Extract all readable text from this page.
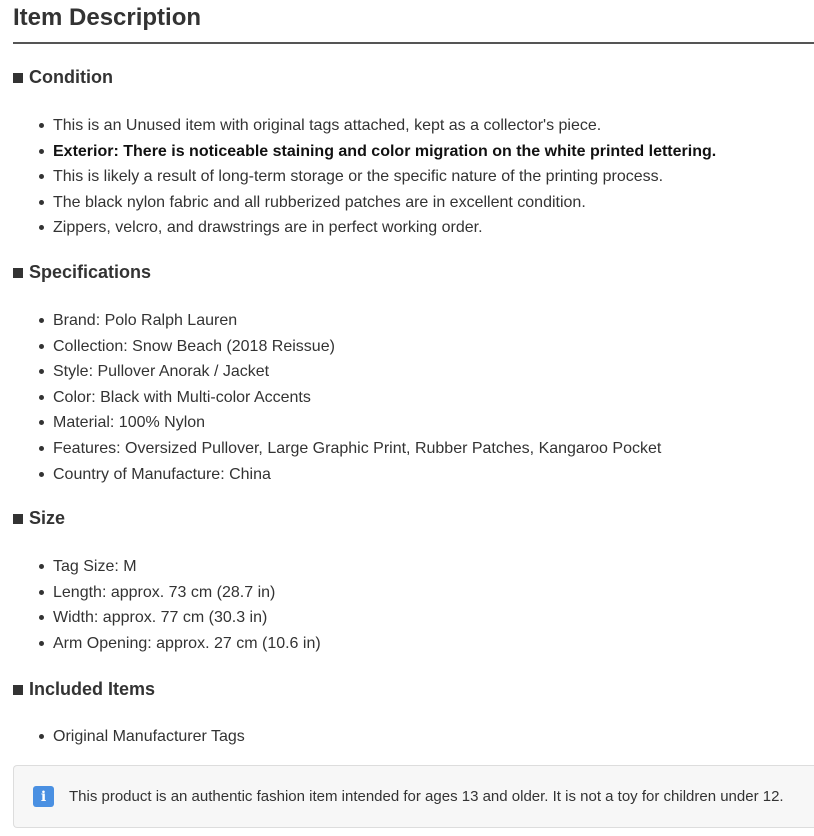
Item Description
Condition
This is an Unused item with original tags attached, kept as a collector's piece.
Exterior: There is noticeable staining and color migration on the white printed lettering.
This is likely a result of long-term storage or the specific nature of the printing process.
The black nylon fabric and all rubberized patches are in excellent condition.
Zippers, velcro, and drawstrings are in perfect working order.
Specifications
Brand: Polo Ralph Lauren
Collection: Snow Beach (2018 Reissue)
Style: Pullover Anorak / Jacket
Color: Black with Multi-color Accents
Material: 100% Nylon
Features: Oversized Pullover, Large Graphic Print, Rubber Patches, Kangaroo Pocket
Country of Manufacture: China
Size
Tag Size: M
Length: approx. 73 cm (28.7 in)
Width: approx. 77 cm (30.3 in)
Arm Opening: approx. 27 cm (10.6 in)
Included Items
Original Manufacturer Tags
i This product is an authentic fashion item intended for ages 13 and older. It is not a toy for children under 12.
